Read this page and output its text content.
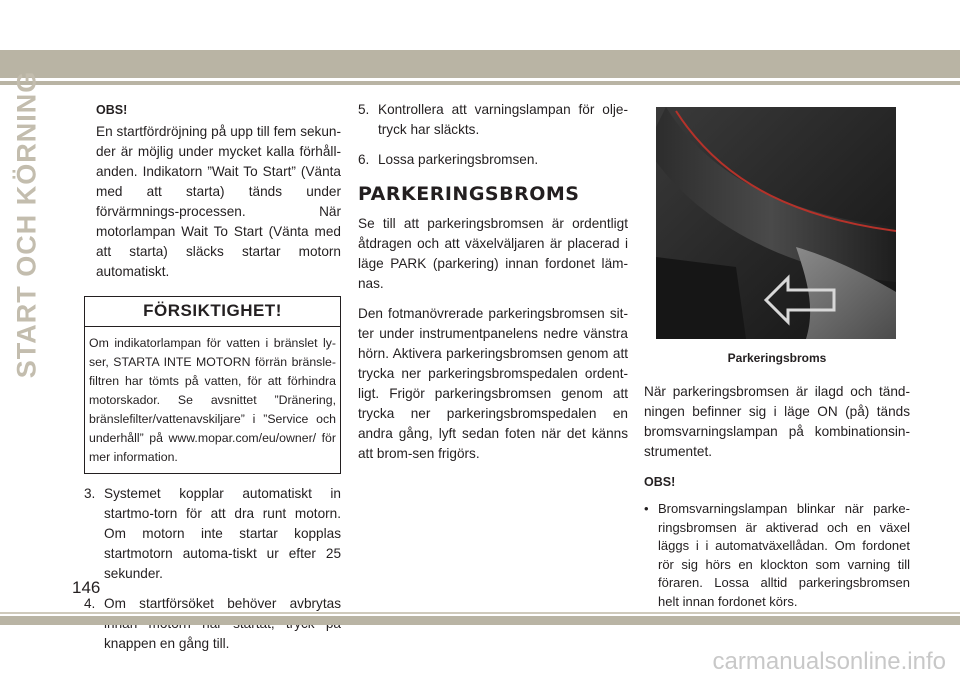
START OCH KÖRNING	OBS!

En startfördröjning på upp till fem sekun-der är möjlig under mycket kalla förhåll-anden. Indikatorn ”Wait To Start” (Vänta med att starta) tänds under förvärmnings-processen. När motorlampan Wait To Start (Vänta med att starta) släcks startar motorn automatiskt.

FÖRSIKTIGHET!
Om indikatorlampan för vatten i bränslet ly-ser, STARTA INTE MOTORN förrän bränsle-filtren har tömts på vatten, för att förhindra motorskador. Se avsnittet ”Dränering, bränslefilter/vattenavskiljare” i ”Service och underhåll” på www.mopar.com/eu/owner/ för mer information.
3. Systemet kopplar automatiskt in startmo-torn för att dra runt motorn. Om motorn inte startar kopplas startmotorn automa-tiskt ur efter 25 sekunder.
4. Om startförsöket behöver avbrytas knappen en gång till.
5. Kontrollera att varningslampan för olje-tryck har släckts.
6. Lossa parkeringsbromsen.
PARKERINGSBROMS

Se till att parkeringsbromsen är ordentligt åtdragen och att växelväljaren är placerad i läge PARK (parkering) innan fordonet läm-nas.

Den fotmanövrerade parkeringsbromsen sit-ter under instrumentpanelens nedre vänstra hörn. Aktivera parkeringsbromsen genom att trycka ner parkeringsbromspedalen ordent-ligt. Frigör parkeringsbromsen genom att trycka ner parkeringsbromspedalen en andra gång, lyft sedan foten när det känns att brom-sen frigörs.

Parkeringsbroms

När parkeringsbromsen är ilagd och tänd-ningen befinner sig i läge ON (på) tänds bromsvarningslampan på kombinationsin-strumentet.

OBS!
• Bromsvarningslampan blinkar när parke-ringsbromsen är aktiverad och en växel läggs i i automatväxellådan. Om fordonet rör sig hörs en klockton som varning till föraren. Lossa alltid parkeringsbromsen helt innan fordonet körs.
146
carmanualsonline.info
